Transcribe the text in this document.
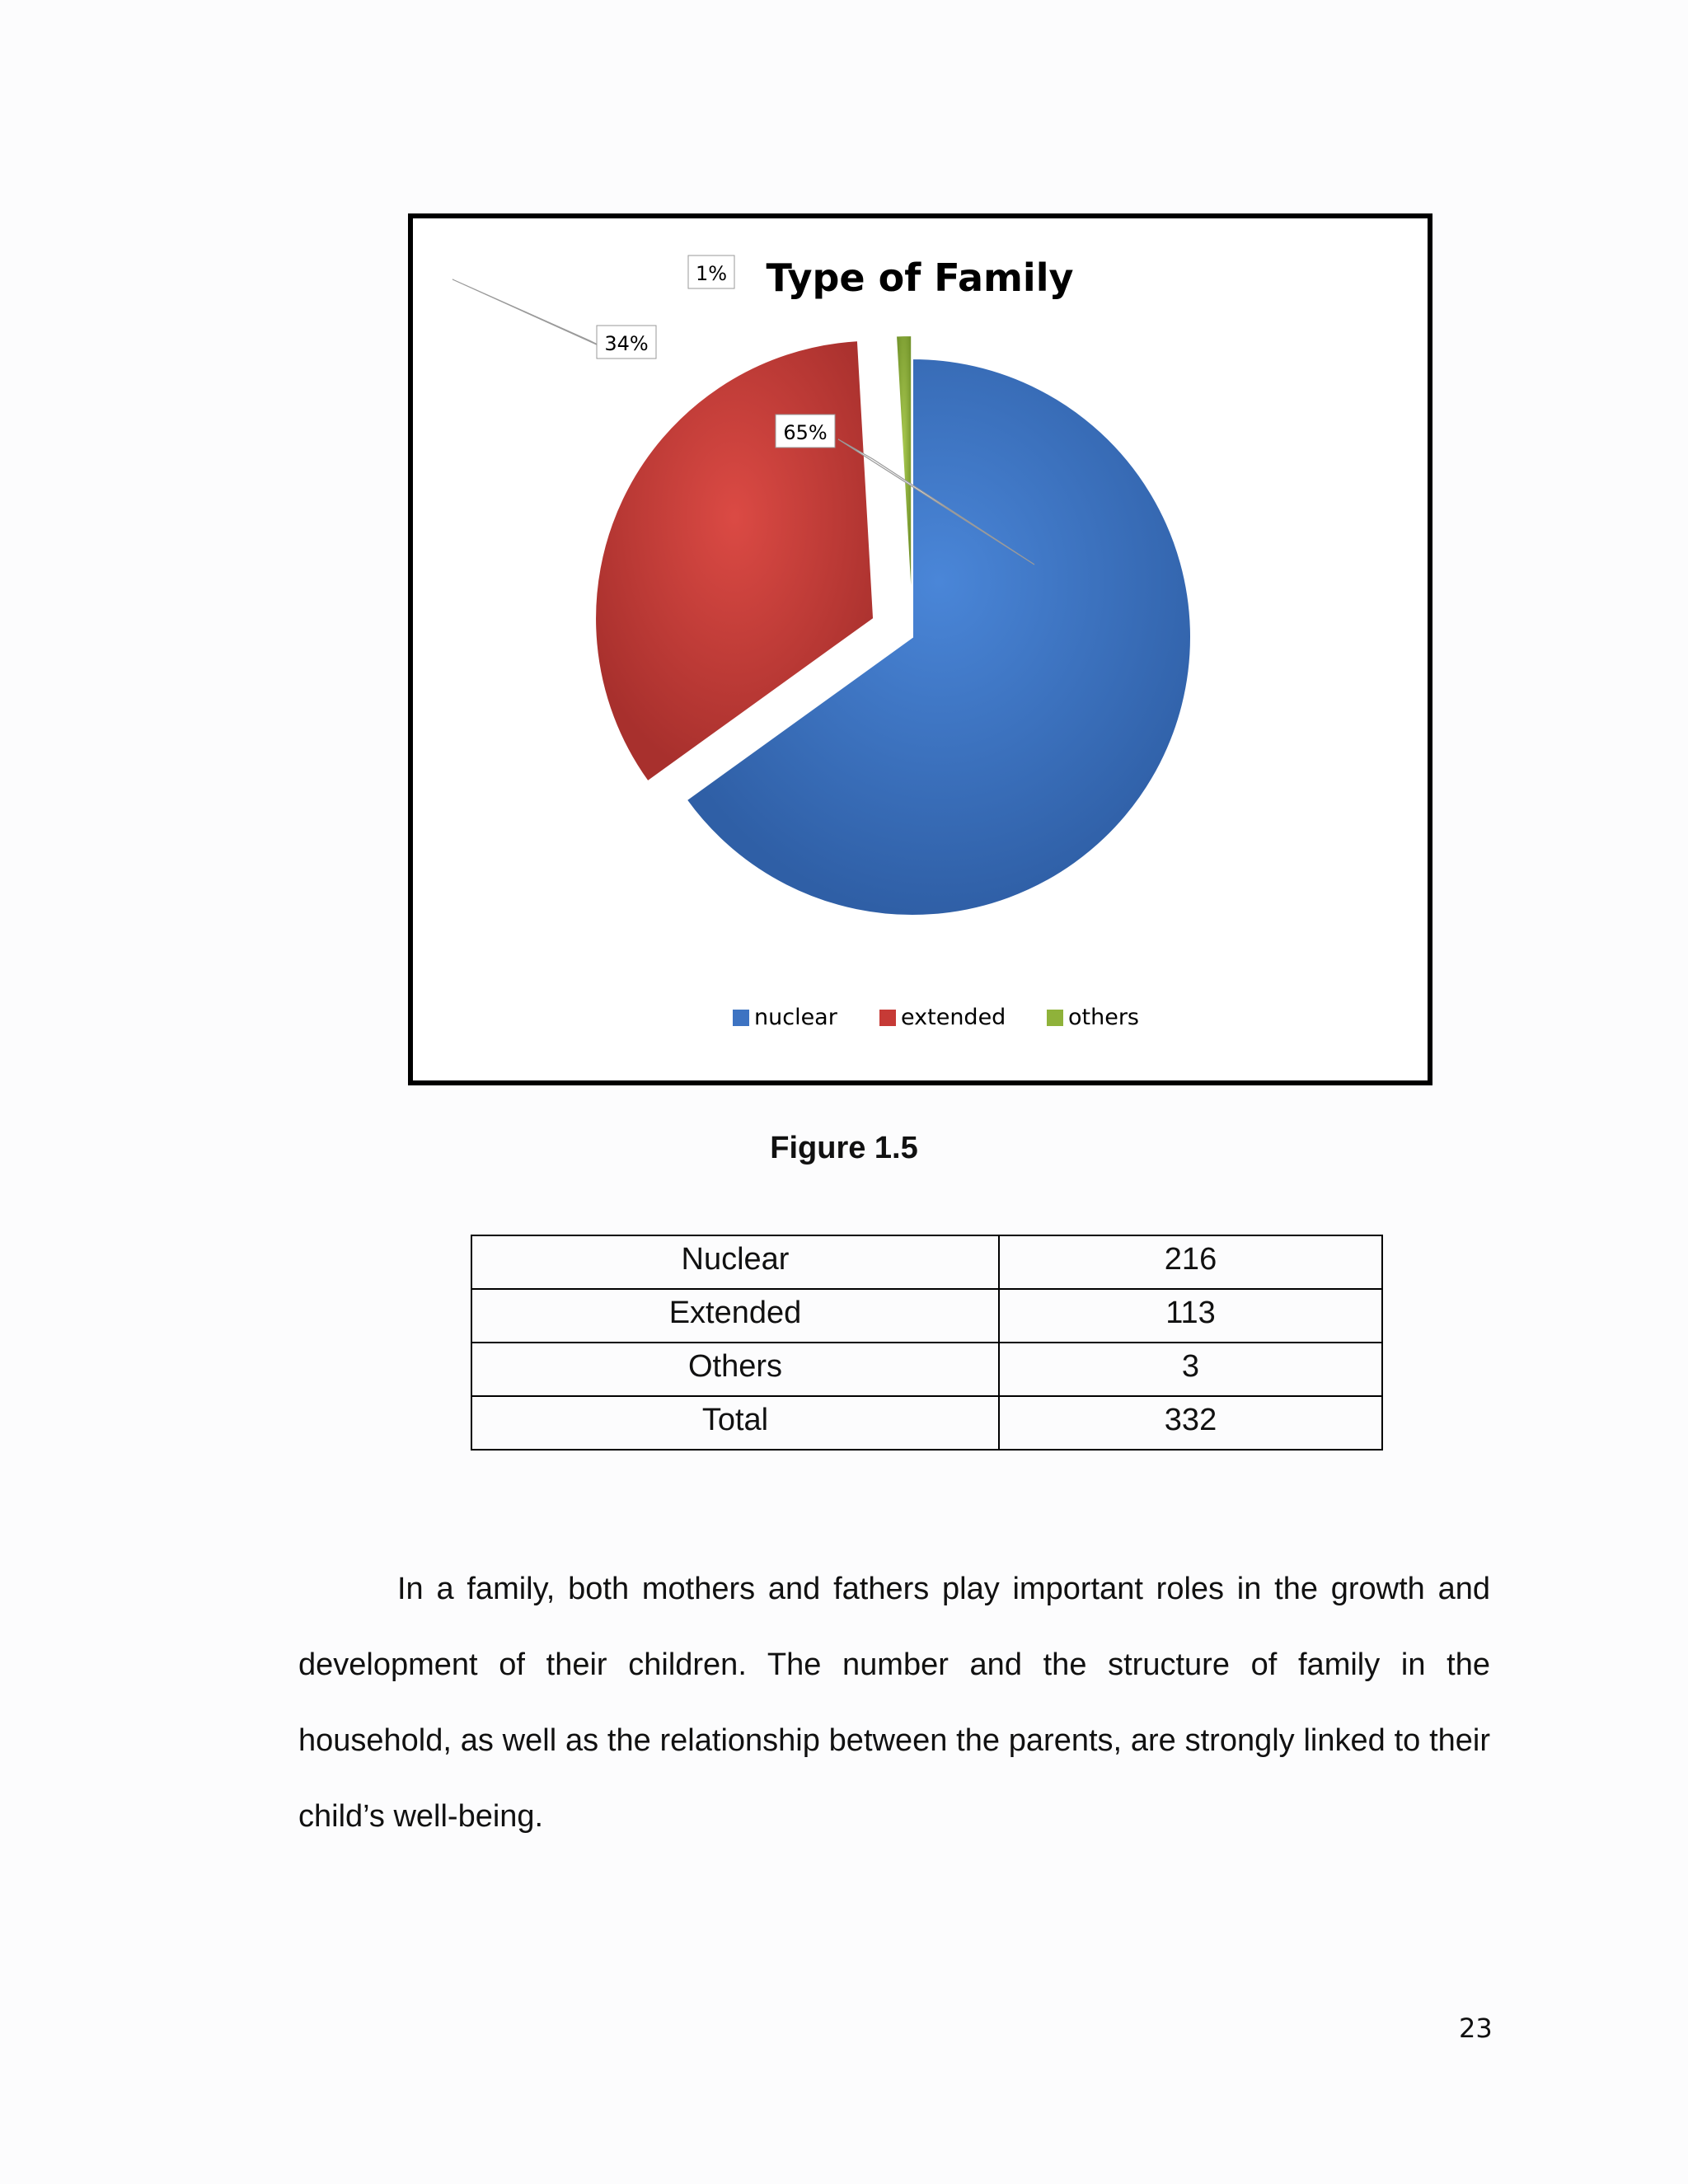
Type of Family
65%
34%
1%
nuclear	extended	others
Figure 1.5
Nuclear	216
Extended	113
Others	3
Total	332

In a family, both mothers and fathers play important roles in the growth and development of their children. The number and the structure of family in the household, as well as the relationship between the parents, are strongly linked to their child’s well-being.

23
